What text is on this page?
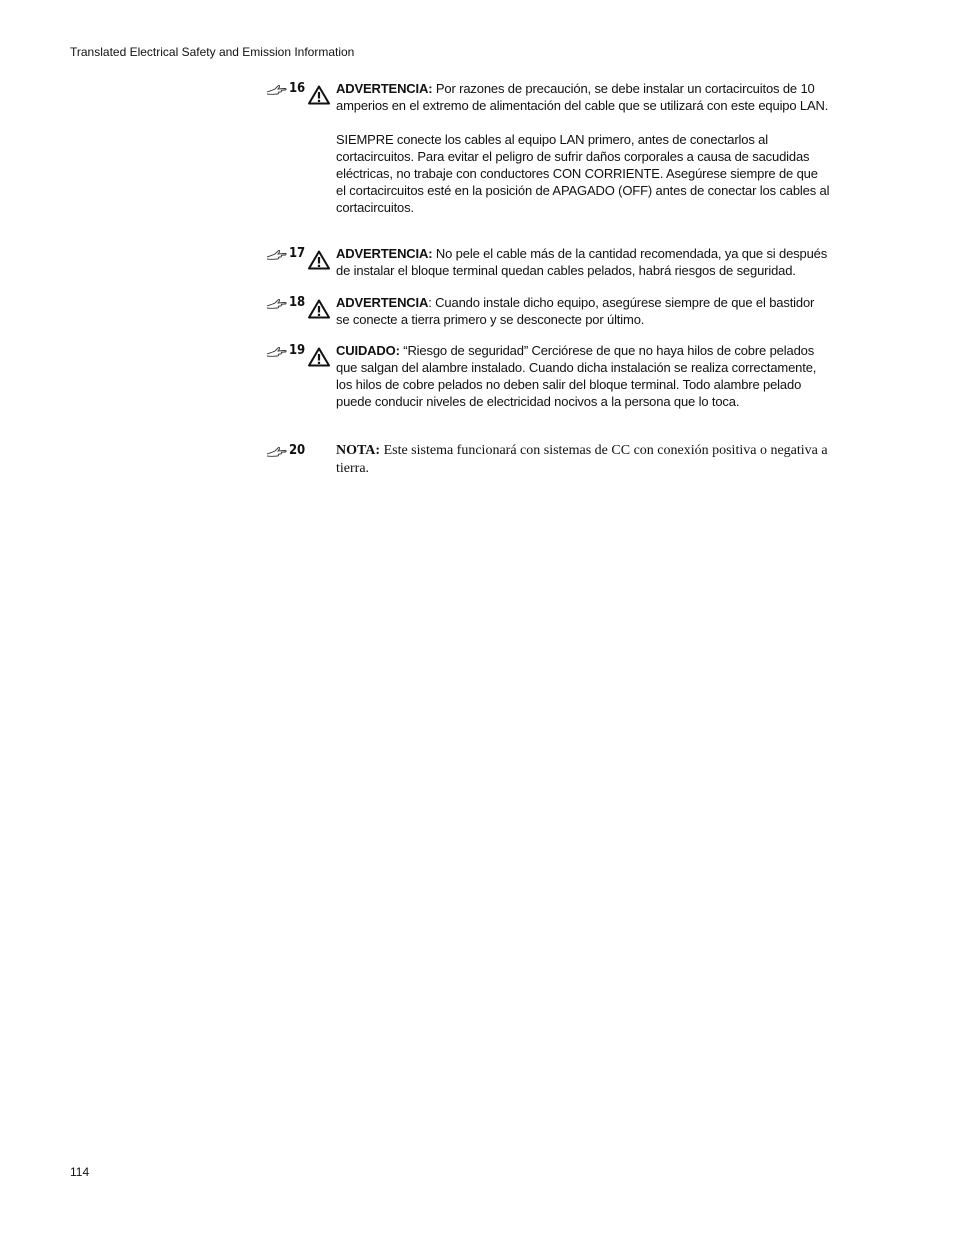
Translated Electrical Safety and Emission Information
16 ADVERTENCIA: Por razones de precaución, se debe instalar un cortacircuitos de 10 amperios en el extremo de alimentación del cable que se utilizará con este equipo LAN.

SIEMPRE conecte los cables al equipo LAN primero, antes de conectarlos al cortacircuitos. Para evitar el peligro de sufrir daños corporales a causa de sacudidas eléctricas, no trabaje con conductores CON CORRIENTE. Asegúrese siempre de que el cortacircuitos esté en la posición de APAGADO (OFF) antes de conectar los cables al cortacircuitos.

17 ADVERTENCIA: No pele el cable más de la cantidad recomendada, ya que si despu​és de instalar el bloque terminal quedan cables pelados, habrá riesgos de seguridad.

18 ADVERTENCIA: Cuando instale dicho equipo, asegúrese siempre de que el bastidor se conecte a tierra primero y se desconecte por último.

19 CUIDADO: “Riesgo de seguridad” Cerciórese de que no haya hilos de cobre pelados que salgan del alambre instalado. Cuando dicha instalación se realiza correctamente, los hilos de cobre pelados no deben salir del bloque terminal. Todo alambre pelado puede conducir niveles de electricidad nocivos a la persona que lo toca.

20 NOTA: Este sistema funcionará con sistemas de CC con conexión positiva o negativa a tierra.

114
